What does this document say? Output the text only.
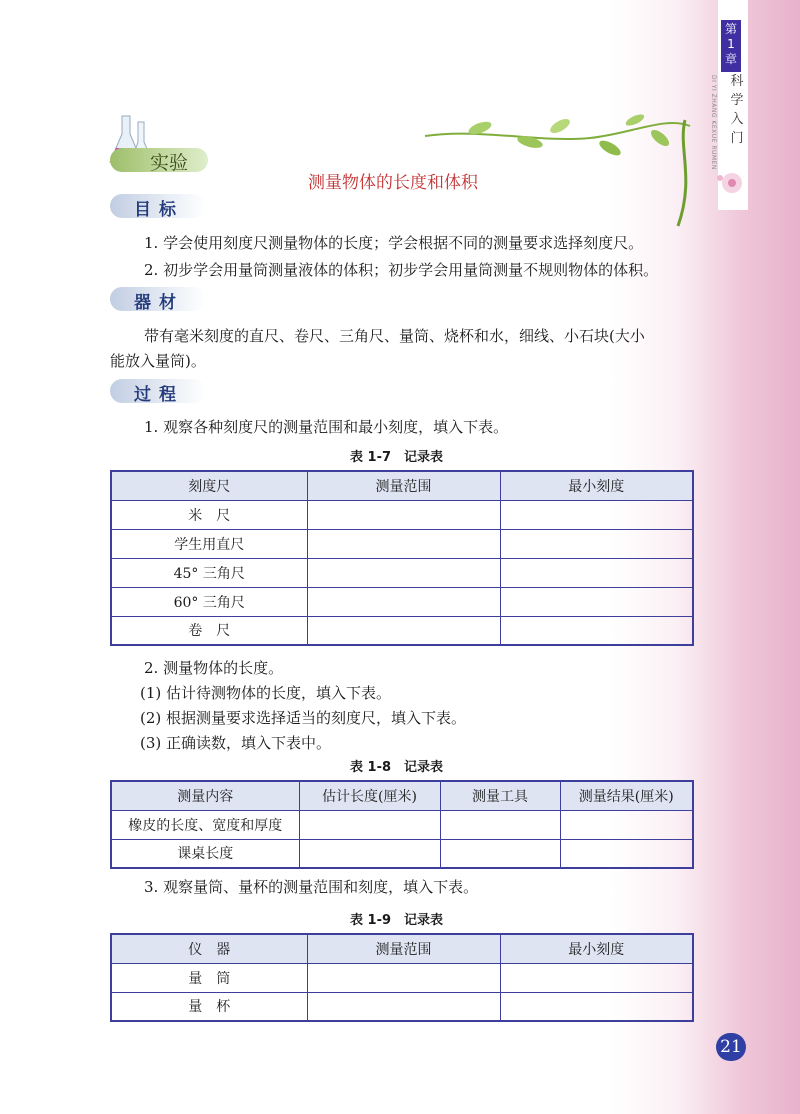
第
1
章
科
学
入
门
DI YI ZHANG KEXUE RUMEN
实验
测量物体的长度和体积
目标
1. 学会使用刻度尺测量物体的长度；学会根据不同的测量要求选择刻度尺。
2. 初步学会用量筒测量液体的体积；初步学会用量筒测量不规则物体的体积。
器材
带有毫米刻度的直尺、卷尺、三角尺、量筒、烧杯和水，细线、小石块(大小
能放入量筒)。
过程
1. 观察各种刻度尺的测量范围和最小刻度，填入下表。
表 1-7　记录表
刻度尺	测量范围	最小刻度
米　尺		
学生用直尺		
45° 三角尺		
60° 三角尺		
卷　尺		
2. 测量物体的长度。
(1) 估计待测物体的长度，填入下表。
(2) 根据测量要求选择适当的刻度尺，填入下表。
(3) 正确读数，填入下表中。
表 1-8　记录表
测量内容	估计长度(厘米)	测量工具	测量结果(厘米)
橡皮的长度、宽度和厚度			
课桌长度			
3. 观察量筒、量杯的测量范围和刻度，填入下表。
表 1-9　记录表
仪　器	测量范围	最小刻度
量　筒		
量　杯		
21
